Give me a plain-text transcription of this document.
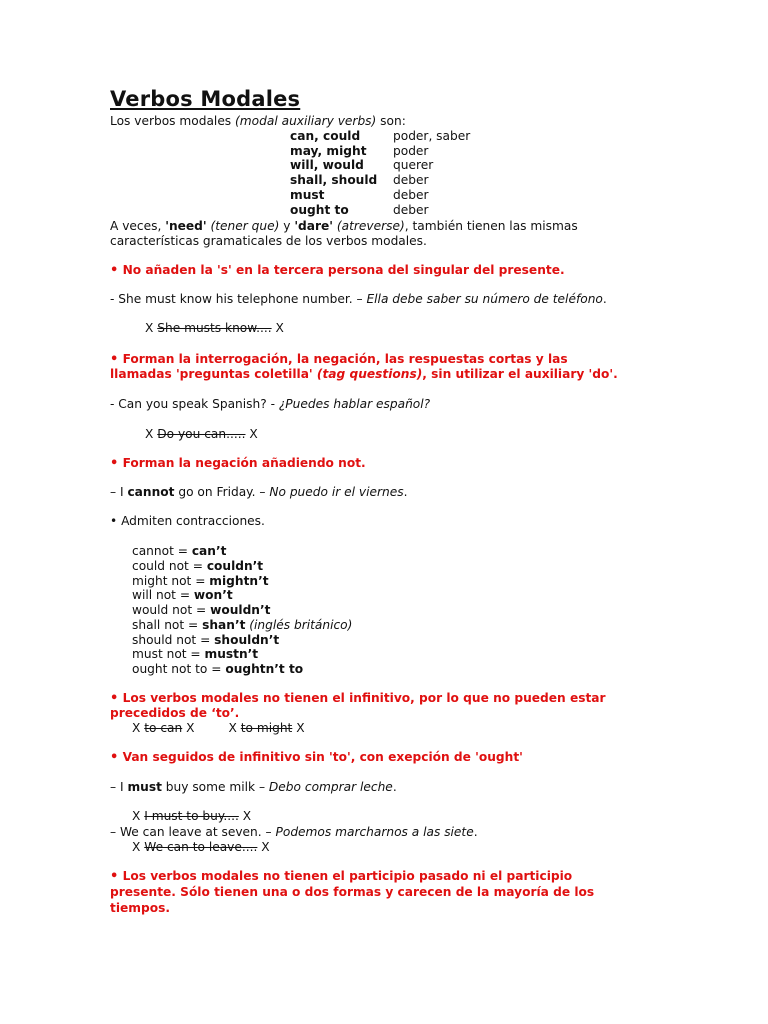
Verbos Modales
Los verbos modales (modal auxiliary verbs) son:
can, could	poder, saber
may, might poder
will, would querer
shall, should deber
must	deber
ought to	deber
A veces, 'need' (tener que) y 'dare' (atreverse), también tienen las mismas
características gramaticales de los verbos modales.
• No añaden la 's' en la tercera persona del singular del presente.
- She must know his telephone number. – Ella debe saber su número de teléfono.
X She musts know.... X
• Forman la interrogación, la negación, las respuestas cortas y las
llamadas 'preguntas coletilla' (tag questions), sin utilizar el auxiliary 'do'.
- Can you speak Spanish? - ¿Puedes hablar español?
X Do you can..... X
• Forman la negación añadiendo not.
– I cannot go on Friday. – No puedo ir el viernes.
• Admiten contracciones.
cannot = can’t
could not = couldn’t
might not = mightn’t
will not = won’t
would not = wouldn’t
shall not = shan’t (inglés británico)
should not = shouldn’t
must not = mustn’t
ought not to = oughtn’t to
• Los verbos modales no tienen el infinitivo, por lo que no pueden estar
precedidos de ‘to’.
X to can X	X to might X
• Van seguidos de infinitivo sin 'to', con exepción de 'ought'
– I must buy some milk – Debo comprar leche.
X I must to buy.... X
– We can leave at seven. – Podemos marcharnos a las siete.
X We can to leave.... X
• Los verbos modales no tienen el participio pasado ni el participio
presente. Sólo tienen una o dos formas y carecen de la mayoría de los
tiempos.
